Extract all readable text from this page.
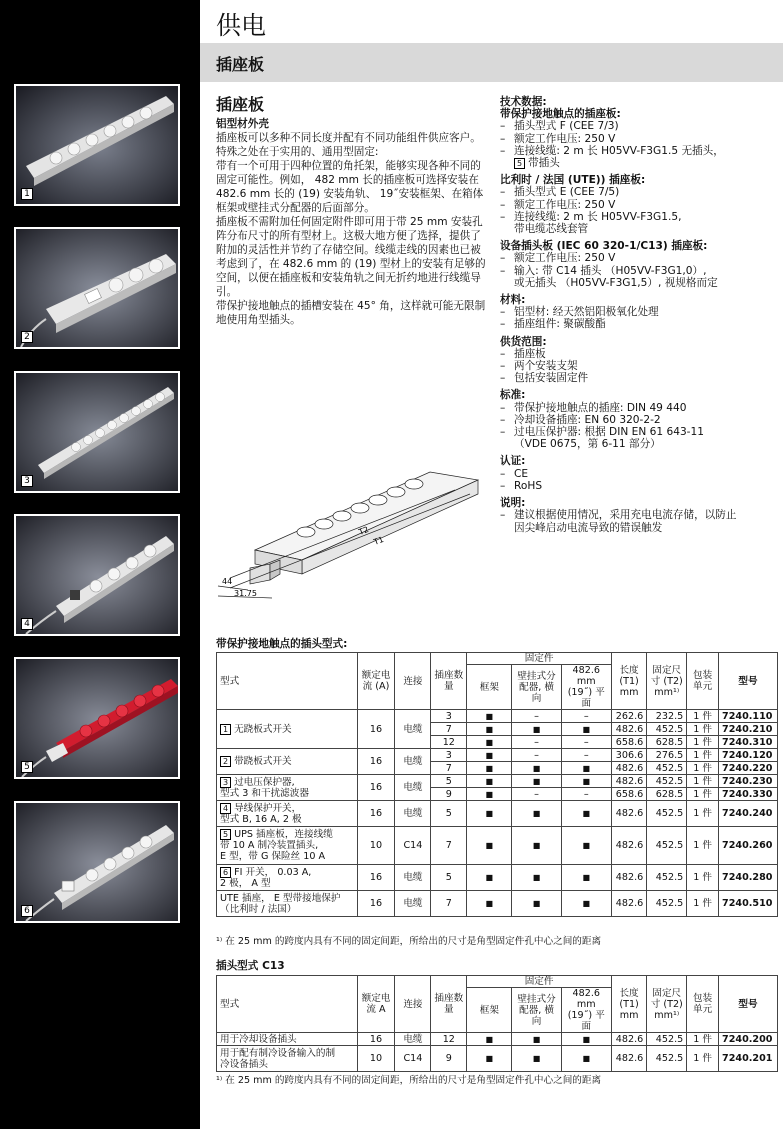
1
2
3
4
5
6
供电
插座板
插座板
铝型材外壳
插座板可以多种不同长度并配有不同功能组件供应客户。特殊之处在于实用的、通用型固定:
带有一个可用于四种位置的角托架，能够实现各种不同的固定可能性。例如， 482 mm 长的插座板可选择安装在 482.6 mm 长的 (19) 安装角轨、 19˝安装框架、在箱体框架或壁挂式分配器的后面部分。
插座板不需附加任何固定附件即可用于带 25 mm 安装孔阵分布尺寸的所有型材上。这极大地方便了选择，提供了附加的灵活性并节约了存储空间。线缆走线的因素也已被考虑到了，在 482.6 mm 的 (19) 型材上的安装有足够的空间，以便在插座板和安装角轨之间无折约地进行线缆导引。
带保护接地触点的插槽安装在 45° 角，这样就可能无限制地使用角型插头。
技术数据:
带保护接地触点的插座板:
– 插头型式 F (CEE 7/3)
– 额定工作电压: 250 V
– 连接线缆: 2 m 长 H05VV-F3G1.5 无插头，
5 带插头
比利时 / 法国 (UTE)) 插座板:
– 插头型式 E (CEE 7/5)
– 额定工作电压: 250 V
– 连接线缆: 2 m 长 H05VV-F3G1.5,
带电缆芯线套管
设备插头板 (IEC 60 320-1/C13) 插座板:
– 额定工作电压: 250 V
– 输入: 带 C14 插头 （H05VV-F3G1,0）,
或无插头 （H05VV-F3G1,5）, 视规格而定
材料:
– 铝型材: 经天然铝阳极氧化处理
– 插座组件: 聚碳酸酯
供货范围:
– 插座板
– 两个安装支架
– 包括安装固定件
标准:
– 带保护接地触点的插座: DIN 49 440
– 冷却设备插座: EN 60 320-2-2
– 过电压保护器: 根据 DIN EN 61 643-11
（VDE 0675，第 6-11 部分）
认证:
– CE
– RoHS
说明:
– 建议根据使用情况，采用充电电流存储，以防止
因尖峰启动电流导致的错误触发
T2
T1
44
31.75
带保护接地触点的插头型式:
型式	额定电流 (A)	连接	插座数量	固定件			长度 (T1) mm	固定尺寸 (T2) mm¹⁾	包装单元	型号
				框架	壁挂式分配器, 横向	482.6 mm (19˝) 平面				
1 无跷板式开关	16	电缆	3	■	–	–	262.6	232.5	1 件	7240.110
			7	■	■	■	482.6	452.5	1 件	7240.210
			12	■	–	–	658.6	628.5	1 件	7240.310
2 带跷板式开关	16	电缆	3	■	–	–	306.6	276.5	1 件	7240.120
			7	■	■	■	482.6	452.5	1 件	7240.220
3 过电压保护器,
型式 3 和干扰滤波器	16	电缆	5	■	■	■	482.6	452.5	1 件	7240.230
			9	■	–	–	658.6	628.5	1 件	7240.330
4 导线保护开关，
型式 B, 16 A, 2 极	16	电缆	5	■	■	■	482.6	452.5	1 件	7240.240
5 UPS 插座板，连接线缆
带 10 A 制冷装置插头,
E 型，带 G 保险丝 10 A	10	C14	7	■	■	■	482.6	452.5	1 件	7240.260
6 FI 开关， 0.03 A,
2 极， A 型	16	电缆	5	■	■	■	482.6	452.5	1 件	7240.280
UTE 插座， E 型带接地保护
（比利时 / 法国）	16	电缆	7	■	■	■	482.6	452.5	1 件	7240.510
¹⁾ 在 25 mm 的跨度内具有不同的固定间距，所给出的尺寸是角型固定件孔中心之间的距离
插头型式 C13
型式	额定电流 A	连接	插座数量	固定件			长度 (T1) mm	固定尺寸 (T2) mm¹⁾	包装单元	型号
				框架	壁挂式分配器, 横向	482.6 mm (19˝) 平面				
用于冷却设备插头	16	电缆	12	■	■	■	482.6	452.5	1 件	7240.200
用于配有制冷设备输入的制
冷设备插头	10	C14	9	■	■	■	482.6	452.5	1 件	7240.201
¹⁾ 在 25 mm 的跨度内具有不同的固定间距，所给出的尺寸是角型固定件孔中心之间的距离
